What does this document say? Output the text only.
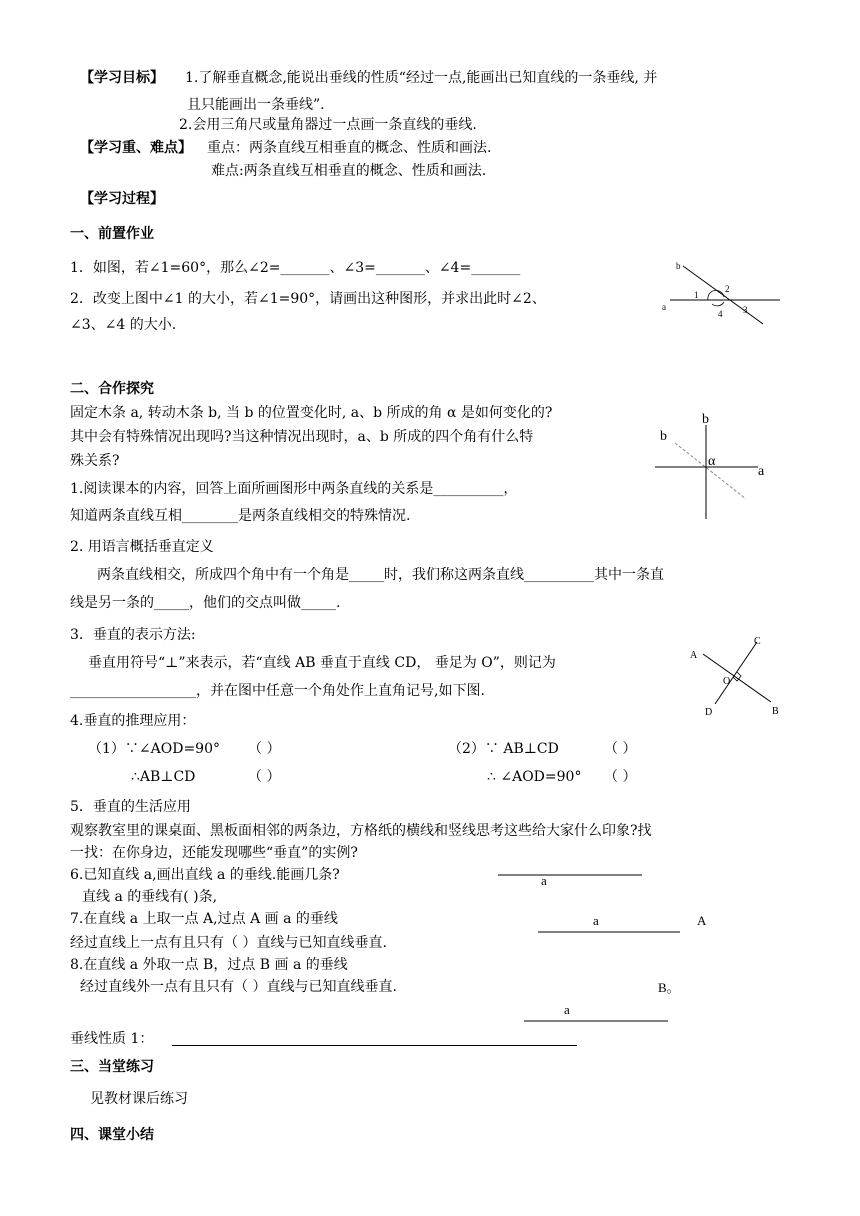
【学习目标】 1.了解垂直概念,能说出垂线的性质“经过一点,能画出已知直线的一条垂线, 并
且只能画出一条垂线”.
2.会用三角尺或量角器过一点画一条直线的垂线.
【学习重、难点】 重点：两条直线互相垂直的概念、性质和画法.
难点:两条直线互相垂直的概念、性质和画法.
【学习过程】
一、前置作业
1．如图，若∠1=60°，那么∠2=_______、∠3=_______、∠4=_______
2．改变上图中∠1 的大小，若∠1=90°，请画出这种图形，并求出此时∠2、
∠3、∠4 的大小.
b
a
1
2
3
4
二、合作探究
固定木条 a, 转动木条 b, 当 b 的位置变化时, a、b 所成的角 α 是如何变化的?
其中会有特殊情况出现吗?当这种情况出现时，a、b 所成的四个角有什么特
殊关系?
b
b
α
a
1.阅读课本的内容，回答上面所画图形中两条直线的关系是__________，
知道两条直线互相________是两条直线相交的特殊情况.
2. 用语言概括垂直定义
两条直线相交，所成四个角中有一个角是_____时，我们称这两条直线__________其中一条直
线是另一条的_____，他们的交点叫做_____.
3．垂直的表示方法:
垂直用符号“⊥”来表示，若“直线 AB 垂直于直线 CD， 垂足为 O”，则记为
__________________，并在图中任意一个角处作上直角记号,如下图.
A
C
O
D	B
4.垂直的推理应用：
（1）∵∠AOD=90° （ ）
∴AB⊥CD	（ ）
（2）∵ AB⊥CD	（ ）
∴ ∠AOD=90° （ ）
5．垂直的生活应用
观察教室里的课桌面、黑板面相邻的两条边，方格纸的横线和竖线思考这些给大家什么印象?找
一找：在你身边，还能发现哪些“垂直”的实例?
6.已知直线 a,画出直线 a 的垂线.能画几条?
直线 a 的垂线有( )条,
a
7.在直线 a 上取一点 A,过点 A 画 a 的垂线
经过直线上一点有且只有（ ）直线与已知直线垂直.
a	A
8.在直线 a 外取一点 B，过点 B 画 a 的垂线
经过直线外一点有且只有（ ）直线与已知直线垂直.	B。
a
垂线性质 1：
三、当堂练习
见教材课后练习
四、课堂小结
